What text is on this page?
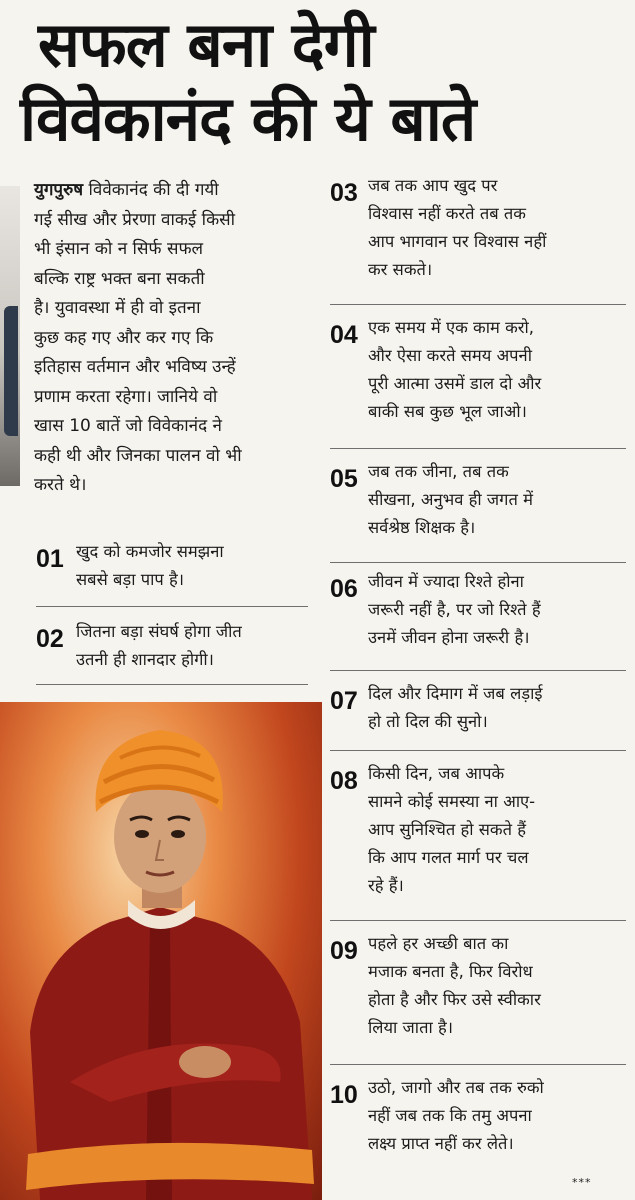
सफल बना देगी
विवेकानंद की ये बाते
युगपुरुष विवेकानंद की दी गयी
गई सीख और प्रेरणा वाकई किसी
भी इंसान को न सिर्फ सफल
बल्कि राष्ट्र भक्त बना सकती
है। युवावस्था में ही वो इतना
कुछ कह गए और कर गए कि
इतिहास वर्तमान और भविष्य उन्हें
प्रणाम करता रहेगा। जानिये वो
खास 10 बातें जो विवेकानंद ने
कही थी और जिनका पालन वो भी
करते थे।
01 खुद को कमजोर समझना
सबसे बड़ा पाप है।
02 जितना बड़ा संघर्ष होगा जीत
उतनी ही शानदार होगी।
03 जब तक आप खुद पर
विश्वास नहीं करते तब तक
आप भागवान पर विश्वास नहीं
कर सकते।
04 एक समय में एक काम करो,
और ऐसा करते समय अपनी
पूरी आत्मा उसमें डाल दो और
बाकी सब कुछ भूल जाओ।
05 जब तक जीना, तब तक
सीखना, अनुभव ही जगत में
सर्वश्रेष्ठ शिक्षक है।
06 जीवन में ज्यादा रिश्ते होना
जरूरी नहीं है, पर जो रिश्ते हैं
उनमें जीवन होना जरूरी है।
07 दिल और दिमाग में जब लड़ाई
हो तो दिल की सुनो।
08 किसी दिन, जब आपके
सामने कोई समस्या ना आए-
आप सुनिश्चित हो सकते हैं
कि आप गलत मार्ग पर चल
रहे हैं।
09 पहले हर अच्छी बात का
मजाक बनता है, फिर विरोध
होता है और फिर उसे स्वीकार
लिया जाता है।
10 उठो, जागो और तब तक रुको
नहीं जब तक कि तमु अपना
लक्ष्य प्राप्त नहीं कर लेते।
***
